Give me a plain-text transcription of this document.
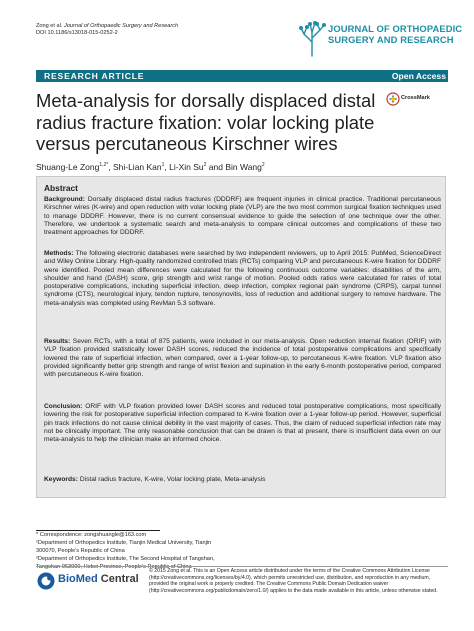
Zong et al. Journal of Orthopaedic Surgery and Research
DOI 10.1186/s13018-015-0252-2	JOURNAL OF ORTHOPAEDIC
SURGERY AND RESEARCH
RESEARCH ARTICLE	Open Access
Meta-analysis for dorsally displaced distal radius fracture fixation: volar locking plate versus percutaneous Kirschner wires
CrossMark
Shuang-Le Zong$^{1,2*}$, Shi-Lian Kan$^1$, Li-Xin Su$^2$ and Bin Wang$^2$
Abstract
Background: Dorsally displaced distal radius fractures (DDDRF) are frequent injuries in clinical practice. Traditional percutaneous Kirschner wires (K-wire) and open reduction with volar locking plate (VLP) are the two most common surgical fixation techniques used to manage DDDRF. However, there is no current consensual evidence to guide the selection of one technique over the other. Therefore, we undertook a systematic search and meta-analysis to compare clinical outcomes and complications of these two treatment approaches for DDDRF.
Methods: The following electronic databases were searched by two independent reviewers, up to April 2015: PubMed, ScienceDirect and Wiley Online Library. High-quality randomized controlled trials (RCTs) comparing VLP and percutaneous K-wire fixation for DDDRF were identified. Pooled mean differences were calculated for the following continuous outcome variables: disabilities of the arm, shoulder and hand (DASH) score, grip strength and wrist range of motion. Pooled odds ratios were calculated for rates of total postoperative complications, including superficial infection, deep infection, complex regional pain syndrome (CRPS), carpal tunnel syndrome (CTS), neurological injury, tendon rupture, tenosynovitis, loss of reduction and additional surgery to remove hardware. The meta-analysis was completed using RevMan 5.3 software.
Results: Seven RCTs, with a total of 875 patients, were included in our meta-analysis. Open reduction internal fixation (ORIF) with VLP fixation provided statistically lower DASH scores, reduced the incidence of total postoperative complications and specifically lowered the rate of superficial infection, when compared, over a 1-year follow-up, to percutaneous K-wire fixation. VLP fixation also provided significantly better grip strength and range of wrist flexion and supination in the early 6-month postoperative period, compared with percutaneous K-wire fixation.
Conclusion: ORIF with VLP fixation provided lower DASH scores and reduced total postoperative complications, most specifically lowering the risk for postoperative superficial infection compared to K-wire fixation over a 1-year follow-up period. However, superficial pin track infections do not cause clinical debility in the vast majority of cases. Thus, the claim of reduced superficial infection rate may not be clinically important. The only reasonable conclusion that can be drawn is that at present, there is insufficient data even on our meta-analysis to help the clinician make an informed choice.
Keywords: Distal radius fracture, K-wire, Volar locking plate, Meta-analysis
* Correspondence: zongshuangle@163.com
¹Department of Orthopedics Institute, Tianjin Medical University, Tianjin
300070, People's Republic of China
²Department of Orthopedics Institute, The Second Hospital of Tangshan,
Tangshan 063000, Hebei Province, People's Republic of China
BioMed Central
© 2015 Zong et al. This is an Open Access article distributed under the terms of the Creative Commons Attribution License (http://creativecommons.org/licenses/by/4.0), which permits unrestricted use, distribution, and reproduction in any medium, provided the original work is properly credited. The Creative Commons Public Domain Dedication waiver (http://creativecommons.org/publicdomain/zero/1.0/) applies to the data made available in this article, unless otherwise stated.
